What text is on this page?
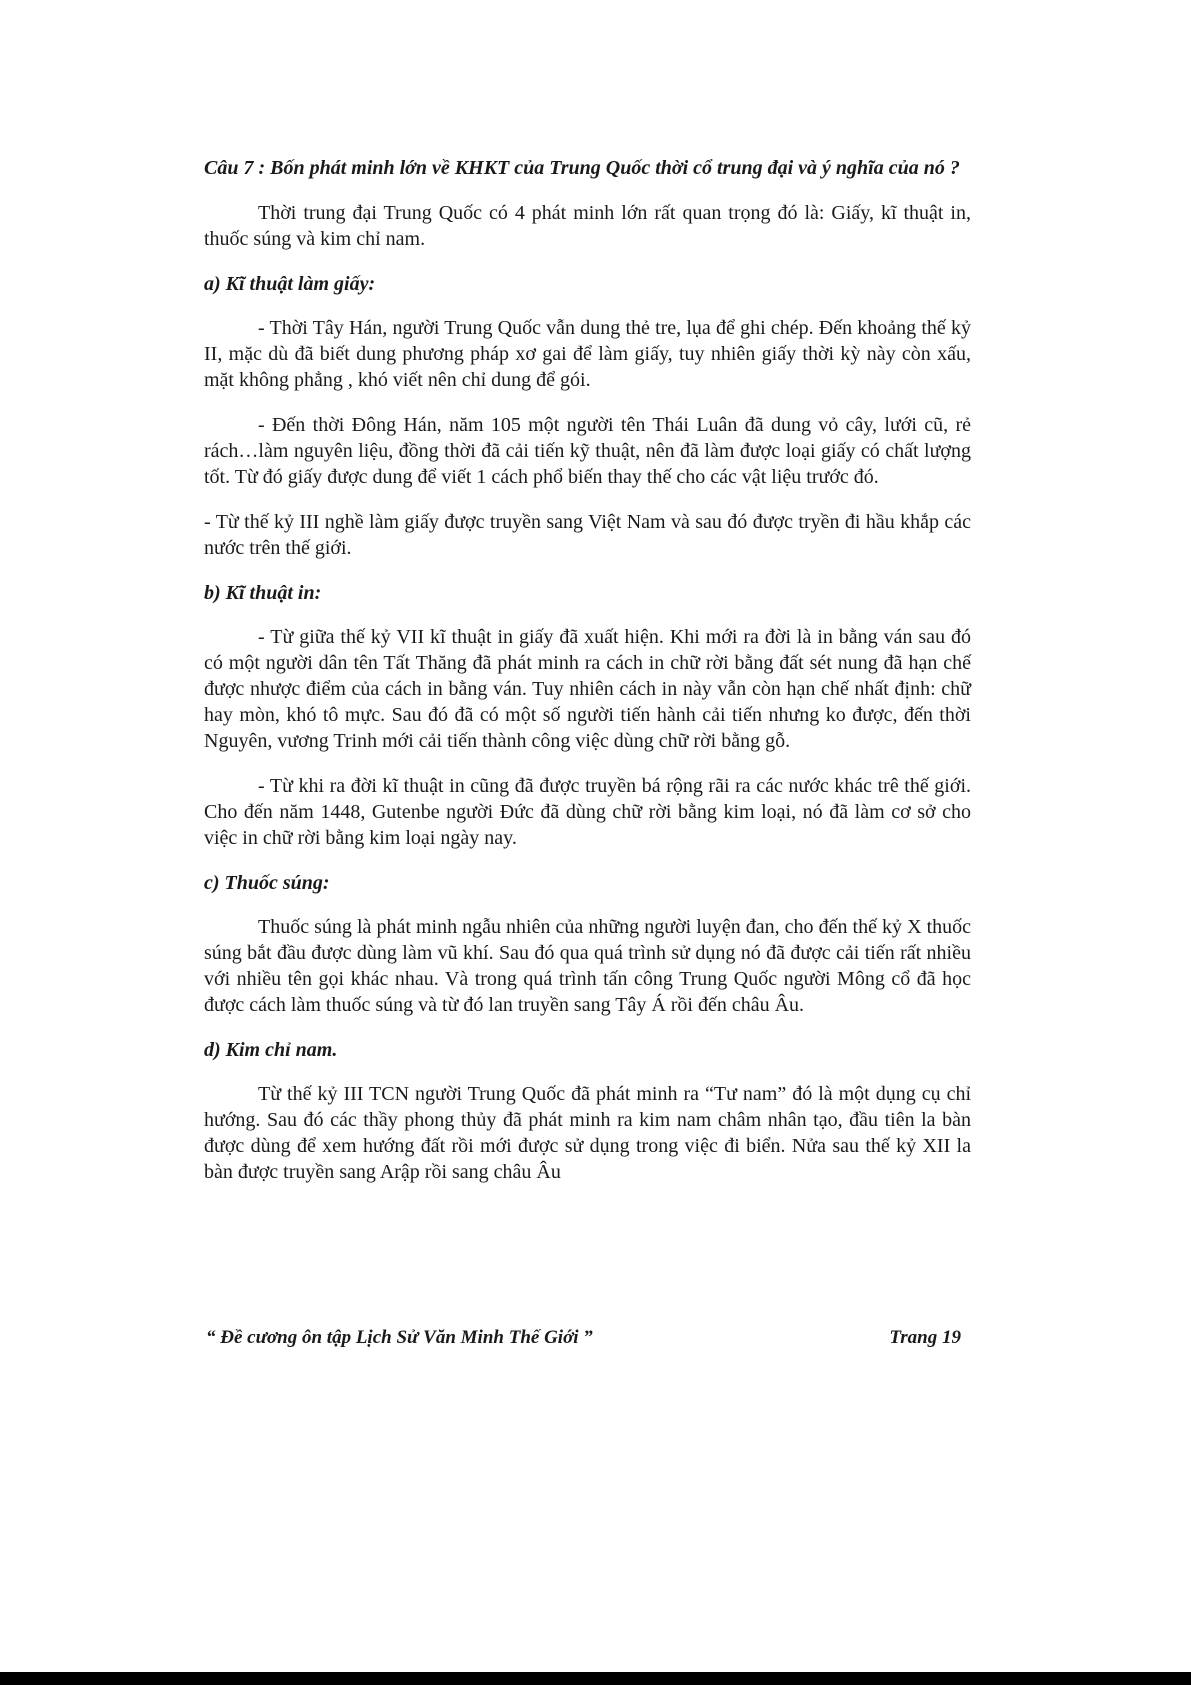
Câu 7 : Bốn phát minh lớn về KHKT của Trung Quốc thời cổ trung đại và ý nghĩa của nó ?

Thời trung đại Trung Quốc có 4 phát minh lớn rất quan trọng đó là: Giấy, kĩ thuật in, thuốc súng và kim chỉ nam.

a) Kĩ thuật làm giấy:

- Thời Tây Hán, người Trung Quốc vẫn dung thẻ tre, lụa để ghi chép. Đến khoảng thế kỷ II, mặc dù đã biết dung phương pháp xơ gai để làm giấy, tuy nhiên giấy thời kỳ này còn xấu, mặt không phẳng , khó viết nên chỉ dung để gói.

- Đến thời Đông Hán, năm 105 một người tên Thái Luân đã dung vỏ cây, lưới cũ, rẻ rách…làm nguyên liệu, đồng thời đã cải tiến kỹ thuật, nên đã làm được loại giấy có chất lượng tốt. Từ đó giấy được dung để viết 1 cách phổ biến thay thế cho các vật liệu trước đó.

- Từ thế kỷ III nghề làm giấy được truyền sang Việt Nam và sau đó được tryền đi hầu khắp các nước trên thế giới.

b) Kĩ thuật in:

- Từ giữa thế kỷ VII kĩ thuật in giấy đã xuất hiện. Khi mới ra đời là in bằng ván sau đó có một người dân tên Tất Thăng đã phát minh ra cách in chữ rời bằng đất sét nung đã hạn chế được nhược điểm của cách in bằng ván. Tuy nhiên cách in này vẫn còn hạn chế nhất định: chữ hay mòn, khó tô mực. Sau đó đã có một số người tiến hành cải tiến nhưng ko được, đến thời Nguyên, vương Trinh mới cải tiến thành công việc dùng chữ rời bằng gỗ.

- Từ khi ra đời kĩ thuật in cũng đã được truyền bá rộng rãi ra các nước khác trê thế giới. Cho đến năm 1448, Gutenbe người Đức đã dùng chữ rời bằng kim loại, nó đã làm cơ sở cho việc in chữ rời bằng kim loại ngày nay.

c) Thuốc súng:

Thuốc súng là phát minh ngẫu nhiên của những người luyện đan, cho đến thế kỷ X thuốc súng bắt đầu được dùng làm vũ khí. Sau đó qua quá trình sử dụng nó đã được cải tiến rất nhiều với nhiều tên gọi khác nhau. Và trong quá trình tấn công Trung Quốc người Mông cổ đã học được cách làm thuốc súng và từ đó lan truyền sang Tây Á rồi đến châu Âu.

d) Kim chỉ nam.

Từ thế kỷ III TCN người Trung Quốc đã phát minh ra “Tư nam” đó là một dụng cụ chỉ hướng. Sau đó các thầy phong thủy đã phát minh ra kim nam châm nhân tạo, đầu tiên la bàn được dùng để xem hướng đất rồi mới được sử dụng trong việc đi biển. Nửa sau thế kỷ XII la bàn được truyền sang Arập rồi sang châu Âu

“ Đề cương ôn tập Lịch Sử Văn Minh Thế Giới ”	Trang 19
